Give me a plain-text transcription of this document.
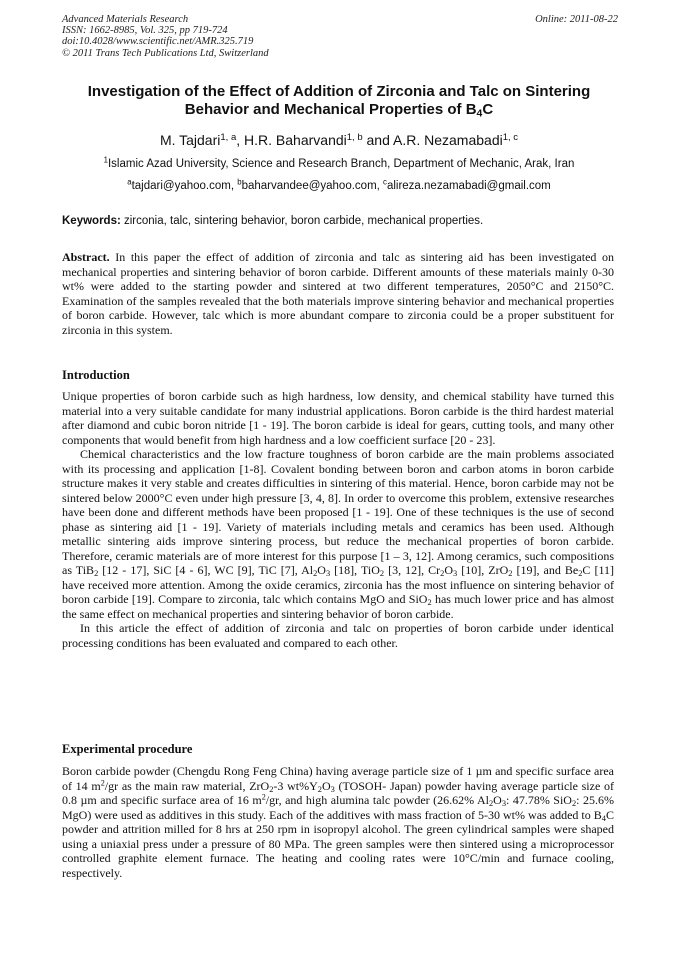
Advanced Materials Research
ISSN: 1662-8985, Vol. 325, pp 719-724
doi:10.4028/www.scientific.net/AMR.325.719
© 2011 Trans Tech Publications Ltd, Switzerland
Online: 2011-08-22
Investigation of the Effect of Addition of Zirconia and Talc on Sintering
Behavior and Mechanical Properties of $B_4C$
M. Tajdari$^{1, a}$, H.R. Baharvandi$^{1, b}$ and A.R. Nezamabadi$^{1, c}$
$^1$Islamic Azad University, Science and Research Branch, Department of Mechanic, Arak, Iran
$^a$tajdari@yahoo.com, $^b$baharvandee@yahoo.com, $^c$alireza.nezamabadi@gmail.com
Keywords: zirconia, talc, sintering behavior, boron carbide, mechanical properties.

Abstract. In this paper the effect of addition of zirconia and talc as sintering aid has been investigated on mechanical properties and sintering behavior of boron carbide. Different amounts of these materials mainly 0-30 wt% were added to the starting powder and sintered at two different temperatures, 2050°C and 2150°C. Examination of the samples revealed that the both materials improve sintering behavior and mechanical properties of boron carbide. However, talc which is more abundant compare to zirconia could be a proper substituent for zirconia in this system.

Introduction

Unique properties of boron carbide such as high hardness, low density, and chemical stability have turned this material into a very suitable candidate for many industrial applications. Boron carbide is the third hardest material after diamond and cubic boron nitride [1 - 19]. The boron carbide is ideal for gears, cutting tools, and many other components that would benefit from high hardness and a low coefficient surface [20 - 23].

Chemical characteristics and the low fracture toughness of boron carbide are the main problems associated with its processing and application [1-8]. Covalent bonding between boron and carbon atoms in boron carbide structure makes it very stable and creates difficulties in sintering of this material. Hence, boron carbide may not be sintered below 2000°C even under high pressure [3, 4, 8]. In order to overcome this problem, extensive researches have been done and different methods have been proposed [1 - 19]. One of these techniques is the use of second phase as sintering aid [1 - 19]. Variety of materials including metals and ceramics has been used. Although metallic sintering aids improve sintering process, but reduce the mechanical properties of boron carbide. Therefore, ceramic materials are of more interest for this purpose [1 – 3, 12]. Among ceramics, such compositions as TiB$_2$ [12 - 17], SiC [4 - 6], WC [9], TiC [7], $Al_2O_3$ [18], TiO$_2$ [3, 12], $Cr_2O_3$ [10], ZrO$_2$ [19], and $Be_2C$ [11] have received more attention. Among the oxide ceramics, zirconia has the most influence on sintering behavior of boron carbide [19]. Compare to zirconia, talc which contains MgO and SiO$_2$ has much lower price and has almost the same effect on mechanical properties and sintering behavior of boron carbide.

In this article the effect of addition of zirconia and talc on properties of boron carbide under identical processing conditions has been evaluated and compared to each other.

Experimental procedure

Boron carbide powder (Chengdu Rong Feng China) having average particle size of 1 µm and specific surface area of 14 $m^2/gr$ as the main raw material, ZrO$_2$-3 $wt\%Y_2O_3$ (TOSOH- Japan) powder having average particle size of 0.8 µm and specific surface area of 16 $m^2/gr$, and high alumina talc powder (26.62% $Al_2O_3$: 47.78% SiO$_2$: 25.6% MgO) were used as additives in this study. Each of the additives with mass fraction of 5-30 wt% was added to $B_4C$ powder and attrition milled for 8 hrs at 250 rpm in isopropyl alcohol. The green cylindrical samples were shaped using a uniaxial press under a pressure of 80 MPa. The green samples were then sintered using a microprocessor controlled graphite element furnace. The heating and cooling rates were 10°C/min and furnace cooling, respectively.
